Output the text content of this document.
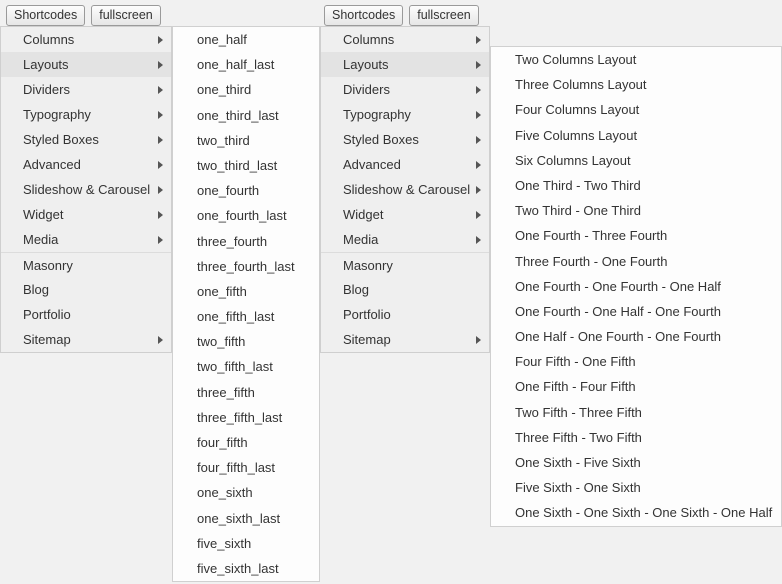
Shortcodes	fullscreen	Shortcodes	fullscreen
Columns
Layouts
Dividers
Typography
Styled Boxes
Advanced
Slideshow & Carousel
Widget
Media
Masonry
Blog
Portfolio
Sitemap
one_half
one_half_last
one_third
one_third_last
two_third
two_third_last
one_fourth
one_fourth_last
three_fourth
three_fourth_last
one_fifth
one_fifth_last
two_fifth
two_fifth_last
three_fifth
three_fifth_last
four_fifth
four_fifth_last
one_sixth
one_sixth_last
five_sixth
five_sixth_last
Columns
Layouts
Dividers
Typography
Styled Boxes
Advanced
Slideshow & Carousel
Widget
Media
Masonry
Blog
Portfolio
Sitemap
Two Columns Layout
Three Columns Layout
Four Columns Layout
Five Columns Layout
Six Columns Layout
One Third - Two Third
Two Third - One Third
One Fourth - Three Fourth
Three Fourth - One Fourth
One Fourth - One Fourth - One Half
One Fourth - One Half - One Fourth
One Half - One Fourth - One Fourth
Four Fifth - One Fifth
One Fifth - Four Fifth
Two Fifth - Three Fifth
Three Fifth - Two Fifth
One Sixth - Five Sixth
Five Sixth - One Sixth
One Sixth - One Sixth - One Sixth - One Half
